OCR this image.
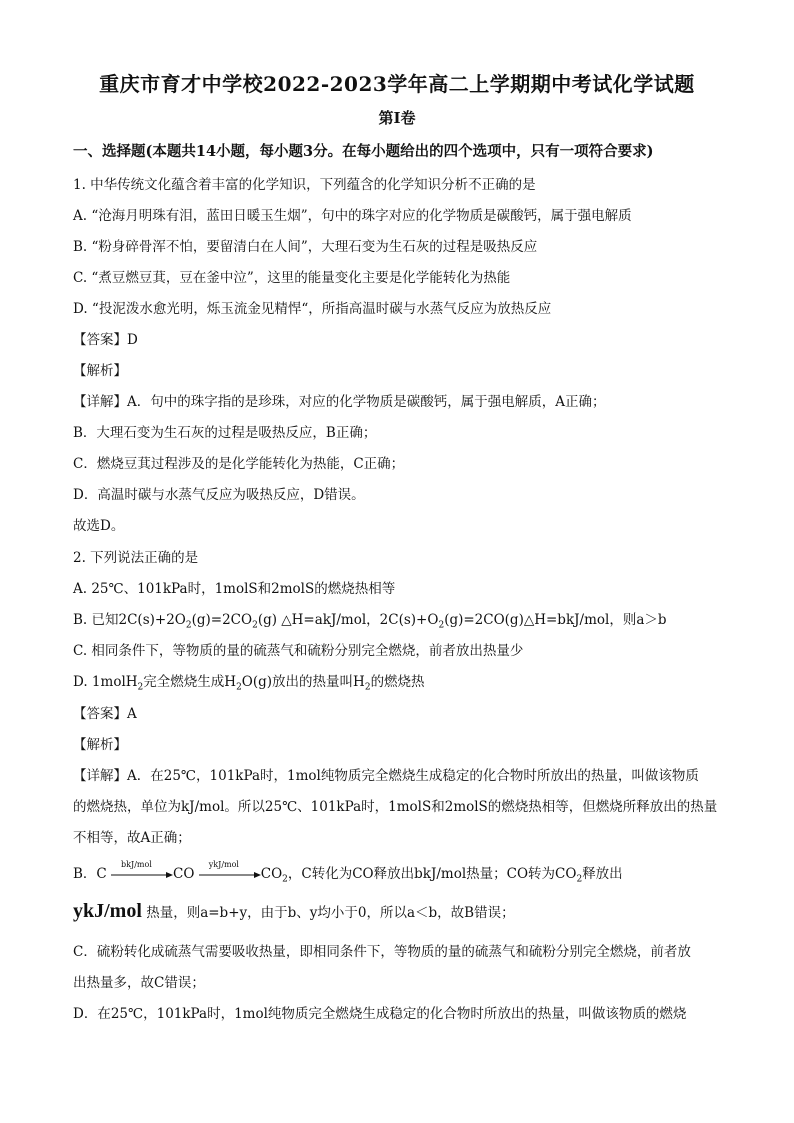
重庆市育才中学校2022-2023学年高二上学期期中考试化学试题
第I卷
一、选择题(本题共14小题，每小题3分。在每小题给出的四个选项中，只有一项符合要求)
1. 中华传统文化蕴含着丰富的化学知识，下列蕴含的化学知识分析不正确的是
A. “沧海月明珠有泪，蓝田日暖玉生烟”，句中的珠字对应的化学物质是碳酸钙，属于强电解质
B. “粉身碎骨浑不怕，要留清白在人间”，大理石变为生石灰的过程是吸热反应
C. “煮豆燃豆萁，豆在釜中泣”，这里的能量变化主要是化学能转化为热能
D. “投泥泼水愈光明，烁玉流金见精悍“，所指高温时碳与水蒸气反应为放热反应
【答案】D
【解析】
【详解】A．句中的珠字指的是珍珠，对应的化学物质是碳酸钙，属于强电解质，A正确；
B．大理石变为生石灰的过程是吸热反应，B正确；
C．燃烧豆萁过程涉及的是化学能转化为热能，C正确；
D．高温时碳与水蒸气反应为吸热反应，D错误。
故选D。
2. 下列说法正确的是
A. 25℃、101kPa时，1molS和2molS的燃烧热相等
B. 已知$2C(s)+2O_2(g)=2CO_2(g)$ △H=akJ/mol，$2C(s)+O_2(g)=2CO(g)\triangle H=bkJ$/mol，则a＞b
C. 相同条件下，等物质的量的硫蒸气和硫粉分别完全燃烧，前者放出热量少
D. 1molH$_2$完全燃烧生成$H_2O(g)$放出的热量叫$H_2$的燃烧热
【答案】A
【解析】
【详解】A．在25℃，101kPa时，1mol纯物质完全燃烧生成稳定的化合物时所放出的热量，叫做该物质
的燃烧热，单位为kJ/mol。所以25℃、101kPa时，1molS和2molS的燃烧热相等，但燃烧所释放出的热量
不相等，故A正确；
B．C
bkJ/mol
CO
ykJ/mol
$CO_2$，C转化为CO释放出bkJ/mol热量；CO转为$CO_2$释放出
ykJ/mol 热量，则a=b+y，由于b、y均小于0，所以a＜b，故B错误；
C．硫粉转化成硫蒸气需要吸收热量，即相同条件下，等物质的量的硫蒸气和硫粉分别完全燃烧，前者放
出热量多，故C错误；
D．在25℃，101kPa时，1mol纯物质完全燃烧生成稳定的化合物时所放出的热量，叫做该物质的燃烧
